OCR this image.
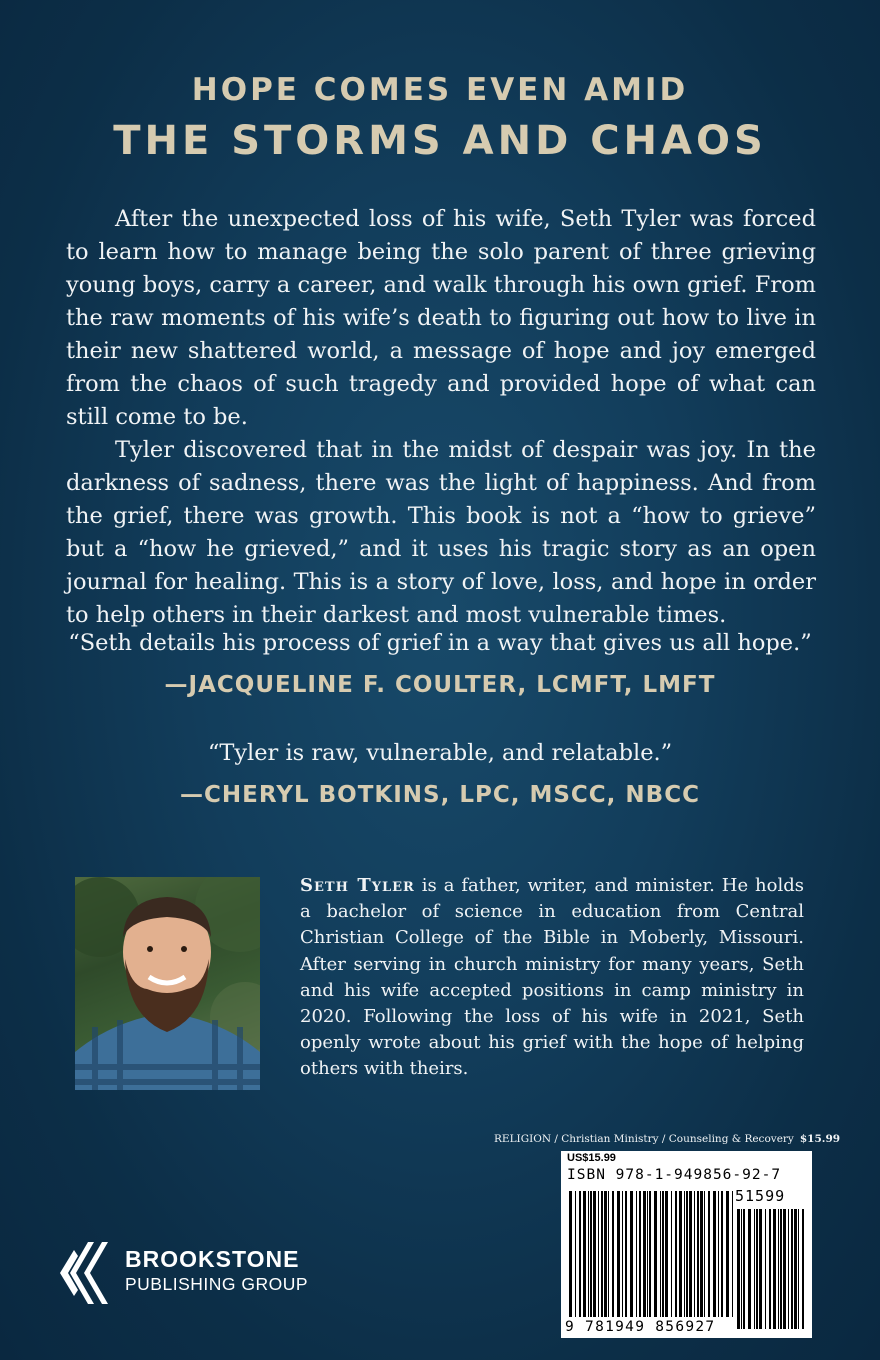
HOPE COMES EVEN AMID
THE STORMS AND CHAOS

After the unexpected loss of his wife, Seth Tyler was forced to learn how to manage being the solo parent of three grieving young boys, carry a career, and walk through his own grief. From the raw moments of his wife’s death to figuring out how to live in their new shattered world, a message of hope and joy emerged from the chaos of such tragedy and provided hope of what can still come to be.

Tyler discovered that in the midst of despair was joy. In the darkness of sadness, there was the light of happiness. And from the grief, there was growth. This book is not a “how to grieve” but a “how he grieved,” and it uses his tragic story as an open journal for healing. This is a story of love, loss, and hope in order to help others in their darkest and most vulnerable times.

“Seth details his process of grief in a way that gives us all hope.”
—JACQUELINE F. COULTER, LCMFT, LMFT
“Tyler is raw, vulnerable, and relatable.”
—CHERYL BOTKINS, LPC, MSCC, NBCC
Seth Tyler is a father, writer, and minister. He holds a bachelor of science in education from Central Christian College of the Bible in Moberly, Missouri. After serving in church ministry for many years, Seth and his wife accepted positions in camp ministry in 2020. Following the loss of his wife in 2021, Seth openly wrote about his grief with the hope of helping others with theirs.
RELIGION / Christian Ministry / Counseling & Recovery $15.99
US$15.99
ISBN 978-1-949856-92-7
51599
9 781949 856927
BROOKSTONE
PUBLISHING GROUP
